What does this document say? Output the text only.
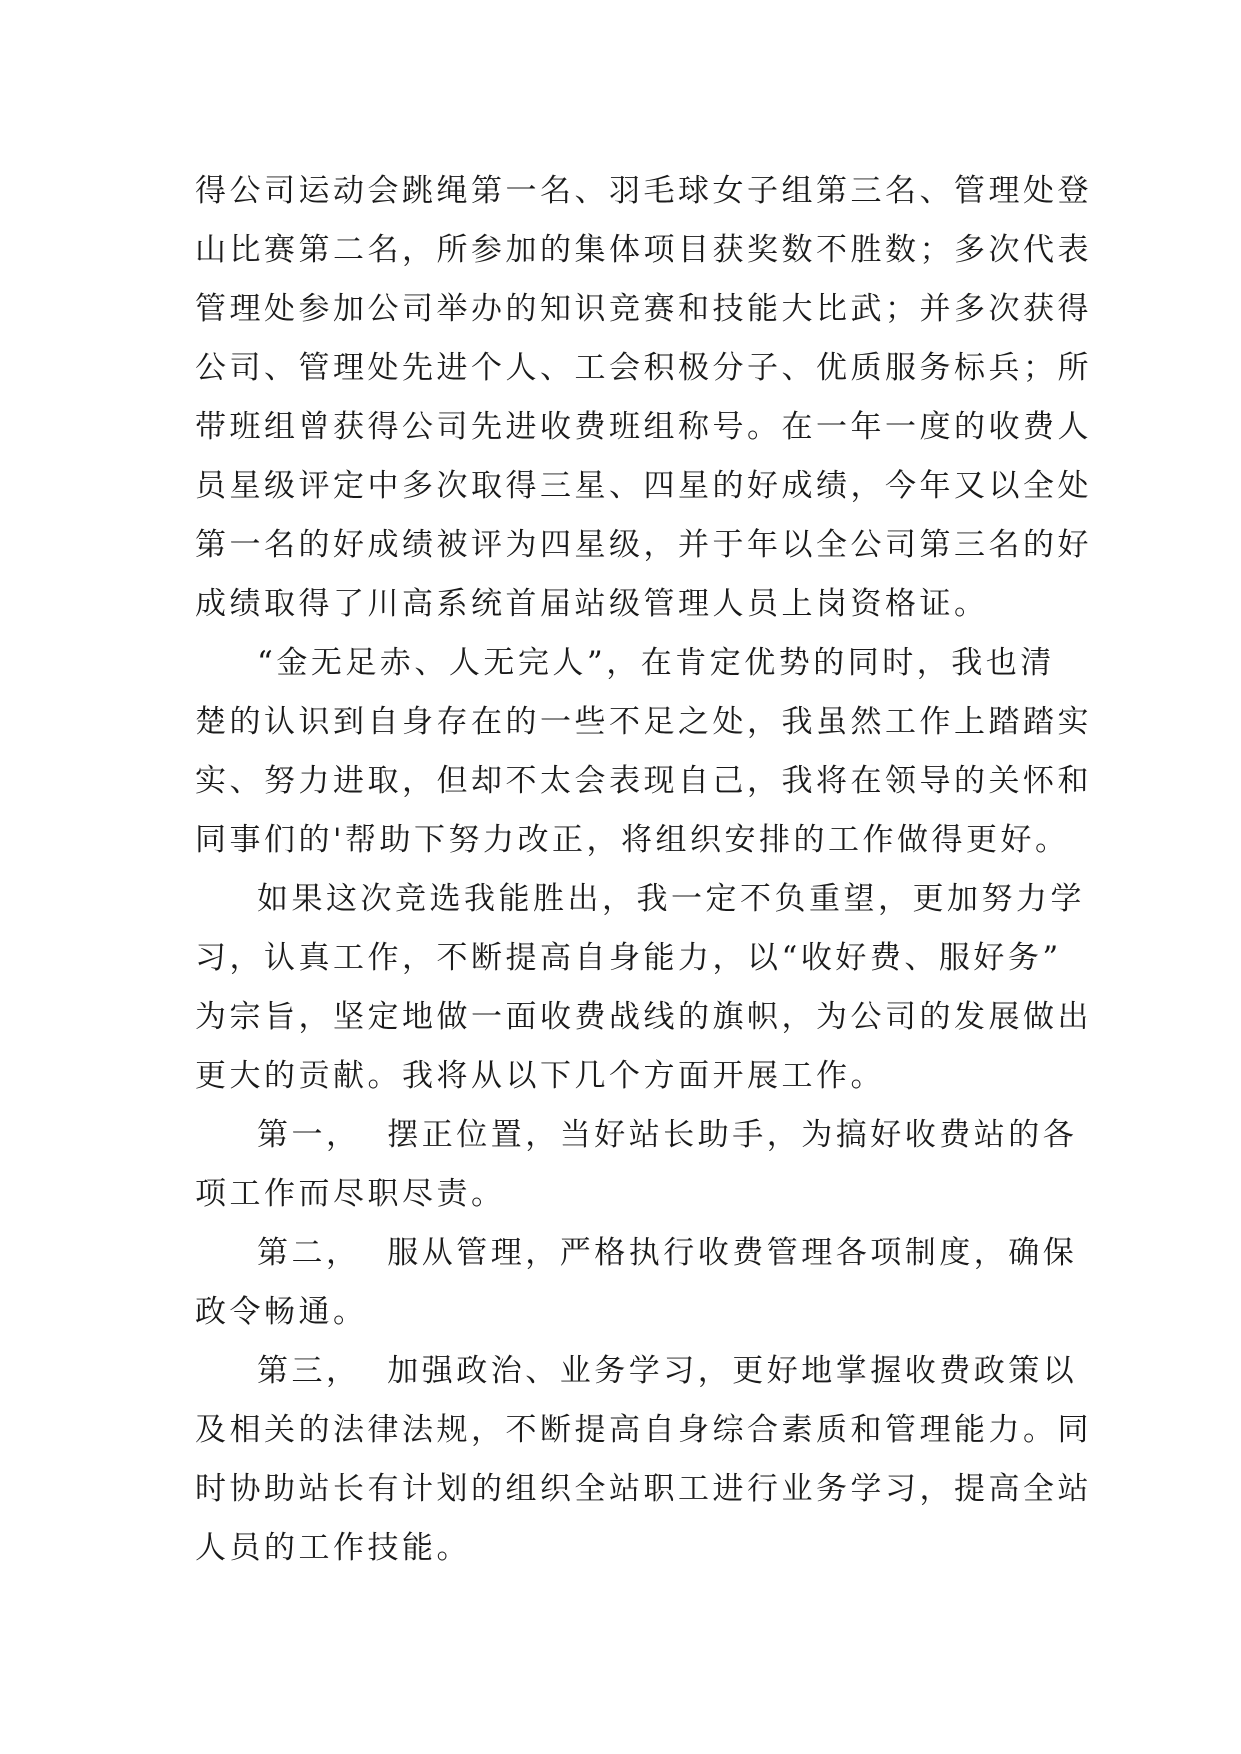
得公司运动会跳绳第一名、羽毛球女子组第三名、管理处登
山比赛第二名，所参加的集体项目获奖数不胜数；多次代表
管理处参加公司举办的知识竞赛和技能大比武；并多次获得
公司、管理处先进个人、工会积极分子、优质服务标兵；所
带班组曾获得公司先进收费班组称号。在一年一度的收费人
员星级评定中多次取得三星、四星的好成绩，今年又以全处
第一名的好成绩被评为四星级，并于年以全公司第三名的好
成绩取得了川高系统首届站级管理人员上岗资格证。

“金无足赤、人无完人”，在肯定优势的同时，我也清
楚的认识到自身存在的一些不足之处，我虽然工作上踏踏实
实、努力进取，但却不太会表现自己，我将在领导的关怀和
同事们的'帮助下努力改正，将组织安排的工作做得更好。

如果这次竞选我能胜出，我一定不负重望，更加努力学
习，认真工作，不断提高自身能力，以“收好费、服好务”
为宗旨，坚定地做一面收费战线的旗帜，为公司的发展做出
更大的贡献。我将从以下几个方面开展工作。

第一，  摆正位置，当好站长助手，为搞好收费站的各
项工作而尽职尽责。

第二，  服从管理，严格执行收费管理各项制度，确保
政令畅通。

第三，  加强政治、业务学习，更好地掌握收费政策以
及相关的法律法规，不断提高自身综合素质和管理能力。同
时协助站长有计划的组织全站职工进行业务学习，提高全站
人员的工作技能。
